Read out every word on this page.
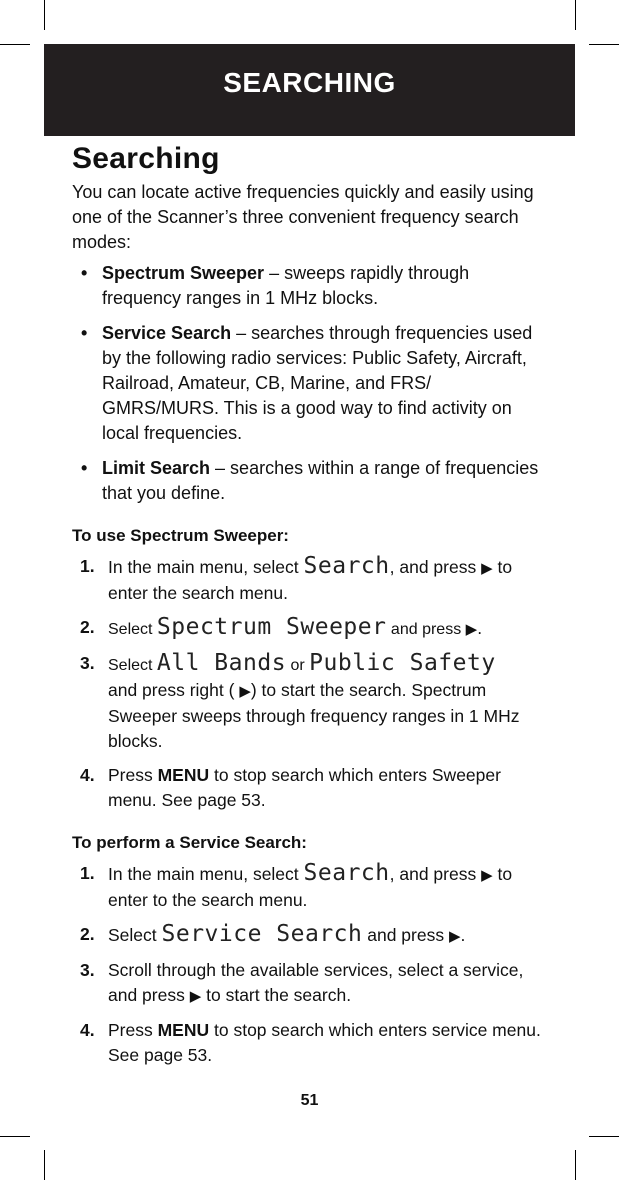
SEARCHING
Searching

You can locate active frequencies quickly and easily using one of the Scanner’s three convenient frequency search modes:

• Spectrum Sweeper – sweeps rapidly through frequency ranges in 1 MHz blocks.
• Service Search – searches through frequencies used by the following radio services: Public Safety, Aircraft, Railroad, Amateur, CB, Marine, and FRS/ GMRS/MURS. This is a good way to find activity on local frequencies.
• Limit Search – searches within a range of frequencies that you define.
To use Spectrum Sweeper:
1. In the main menu, select Search, and press ▶ to enter the search menu.
2. Select Spectrum Sweeper and press ▶.
3. Select All Bands or Public Safety
and press right ( ▶) to start the search. Spectrum Sweeper sweeps through frequency ranges in 1 MHz blocks.
4. Press MENU to stop search which enters Sweeper menu. See page 53.
To perform a Service Search:
1. In the main menu, select Search, and press ▶ to enter to the search menu.
2. Select Service Search and press ▶.
3. Scroll through the available services, select a service, and press ▶ to start the search.
4. Press MENU to stop search which enters service menu. See page 53.
51
